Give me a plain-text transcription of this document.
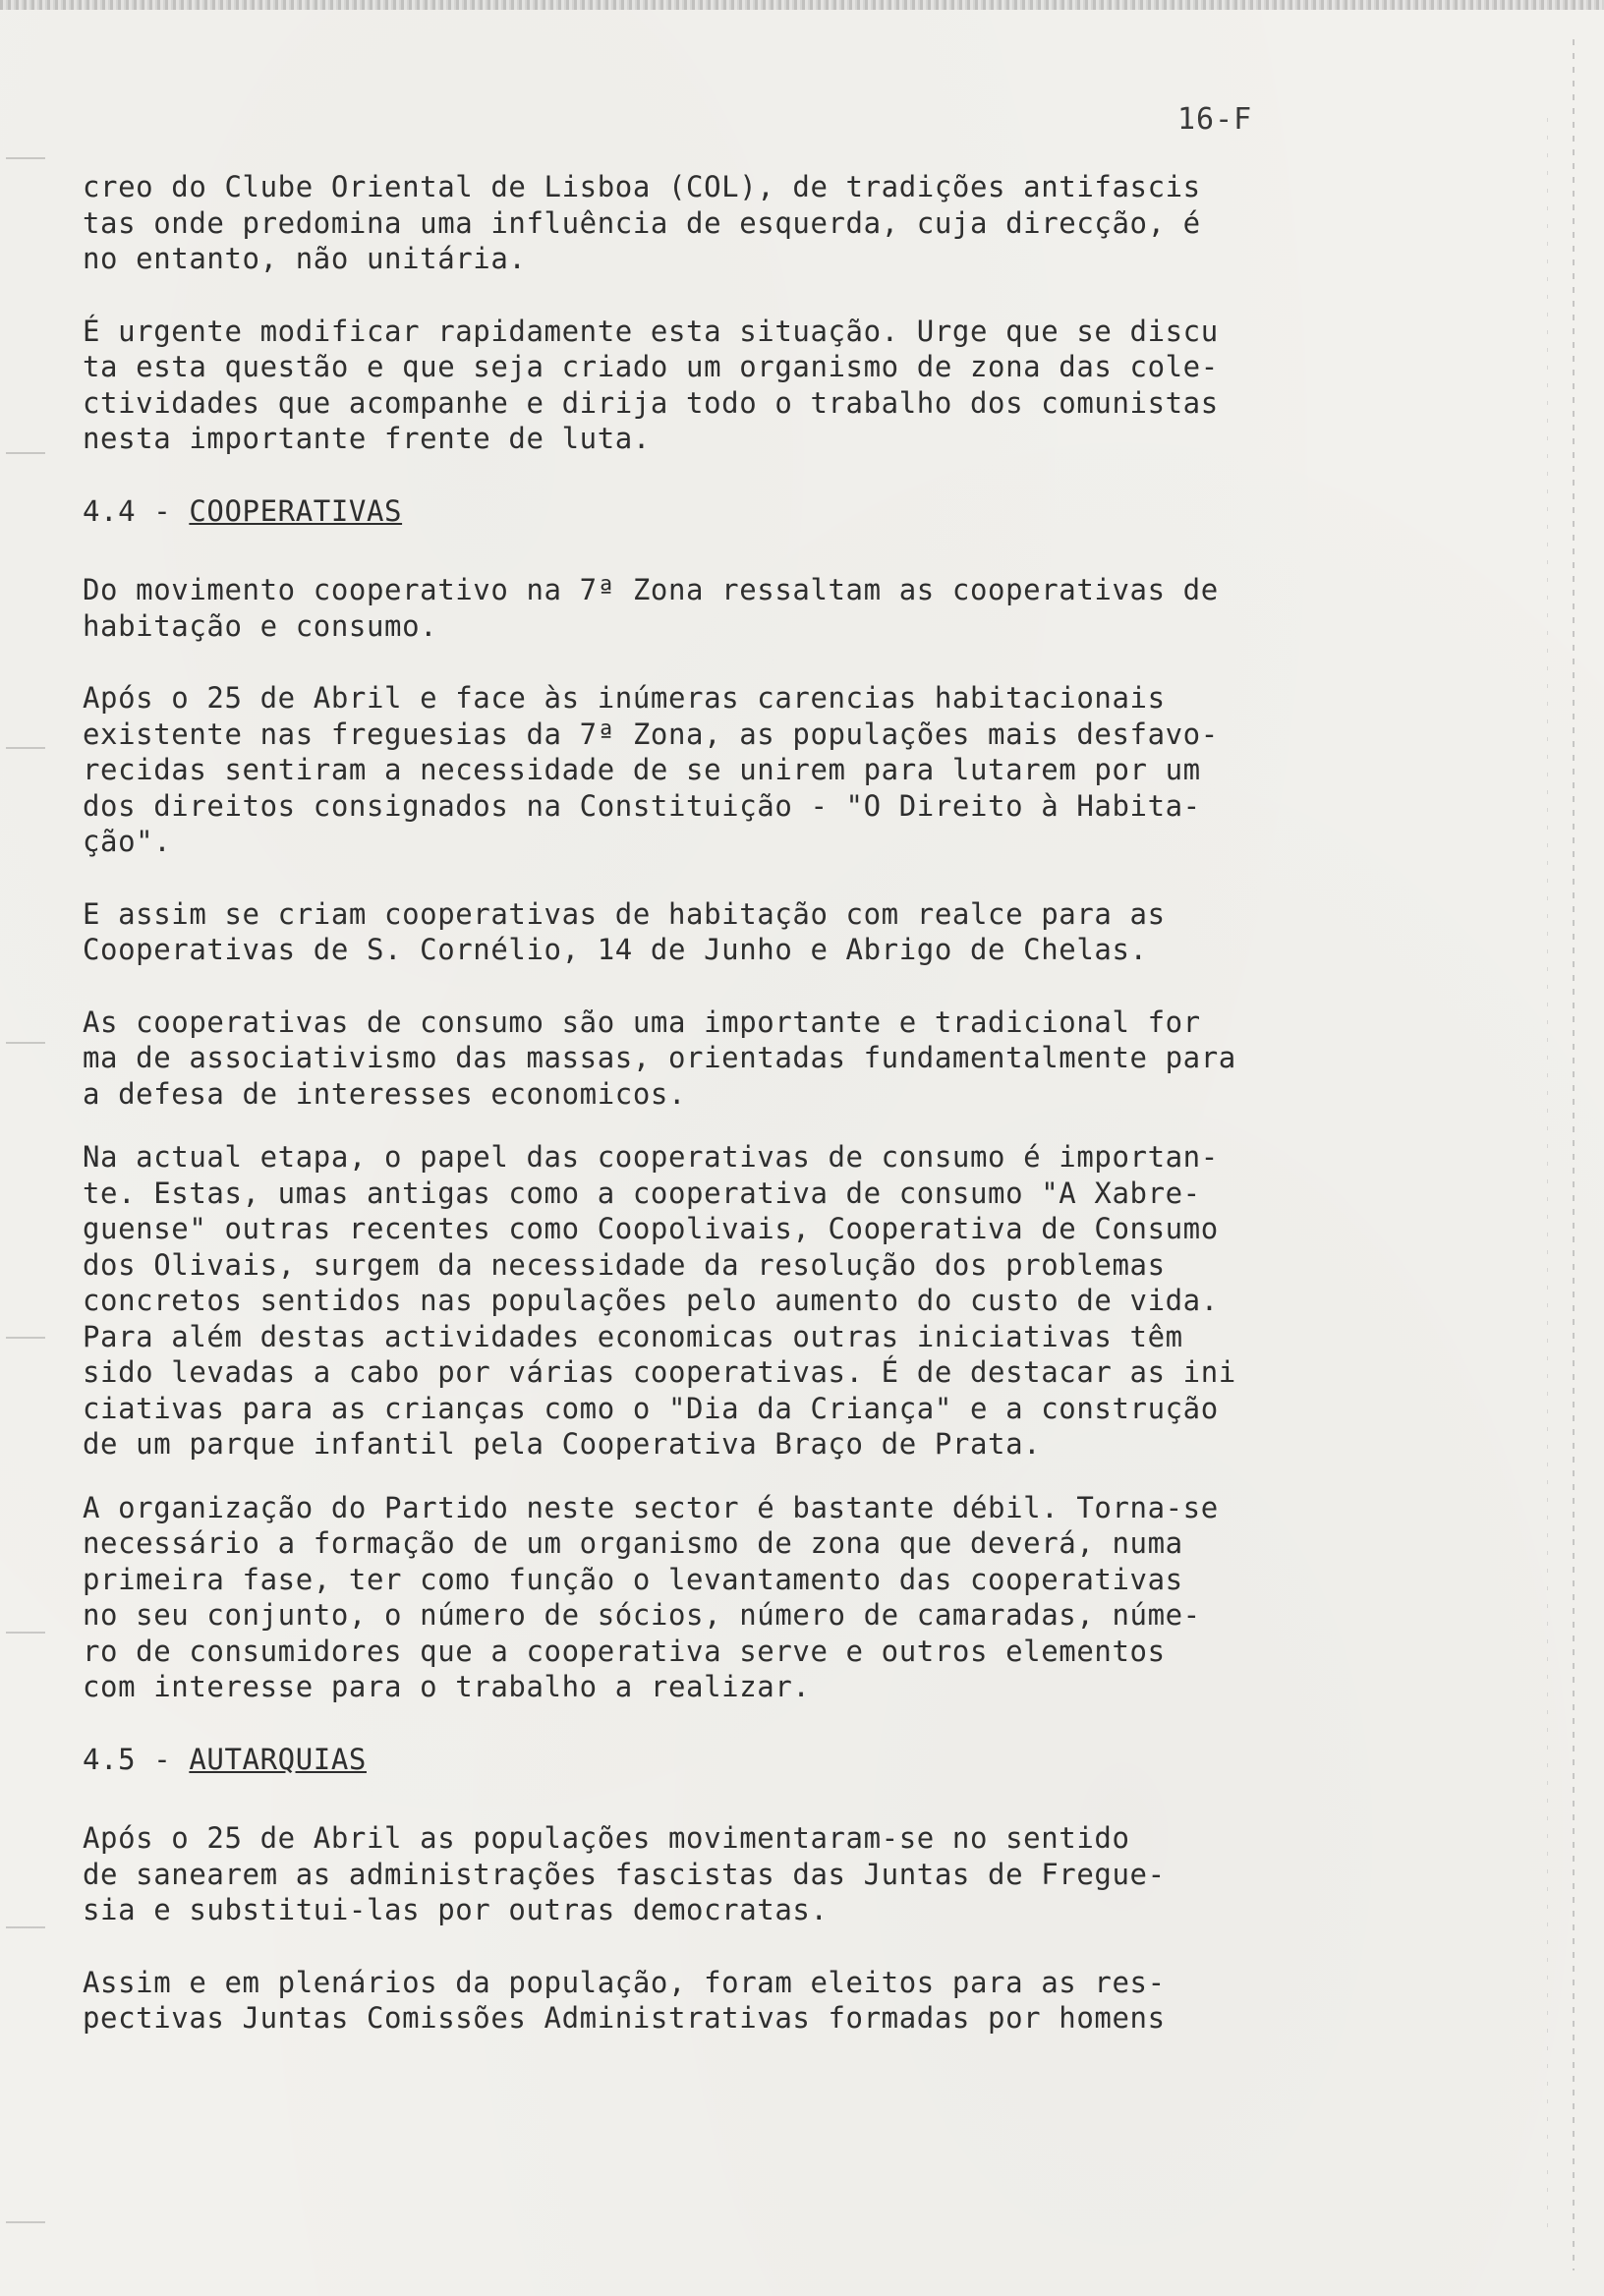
16-F
creo do Clube Oriental de Lisboa (COL), de tradições antifascis
tas onde predomina uma influência de esquerda, cuja direcção, é
no entanto, não unitária.
É urgente modificar rapidamente esta situação. Urge que se discu
ta esta questão e que seja criado um organismo de zona das cole-
ctividades que acompanhe e dirija todo o trabalho dos comunistas
nesta importante frente de luta.
4.4 - COOPERATIVAS
Do movimento cooperativo na 7ª Zona ressaltam as cooperativas de
habitação e consumo.
Após o 25 de Abril e face às inúmeras carencias habitacionais
existente nas freguesias da 7ª Zona, as populações mais desfavo-
recidas sentiram a necessidade de se unirem para lutarem por um
dos direitos consignados na Constituição - "O Direito à Habita-
ção".
E assim se criam cooperativas de habitação com realce para as
Cooperativas de S. Cornélio, 14 de Junho e Abrigo de Chelas.
As cooperativas de consumo são uma importante e tradicional for
ma de associativismo das massas, orientadas fundamentalmente para
a defesa de interesses economicos.
Na actual etapa, o papel das cooperativas de consumo é importan-
te. Estas, umas antigas como a cooperativa de consumo "A Xabre-
guense" outras recentes como Coopolivais, Cooperativa de Consumo
dos Olivais, surgem da necessidade da resolução dos problemas
concretos sentidos nas populações pelo aumento do custo de vida.
Para além destas actividades economicas outras iniciativas têm
sido levadas a cabo por várias cooperativas. É de destacar as ini
ciativas para as crianças como o "Dia da Criança" e a construção
de um parque infantil pela Cooperativa Braço de Prata.
A organização do Partido neste sector é bastante débil. Torna-se
necessário a formação de um organismo de zona que deverá, numa
primeira fase, ter como função o levantamento das cooperativas
no seu conjunto, o número de sócios, número de camaradas, núme-
ro de consumidores que a cooperativa serve e outros elementos
com interesse para o trabalho a realizar.
4.5 - AUTARQUIAS
Após o 25 de Abril as populações movimentaram-se no sentido
de sanearem as administrações fascistas das Juntas de Fregue-
sia e substitui-las por outras democratas.
Assim e em plenários da população, foram eleitos para as res-
pectivas Juntas Comissões Administrativas formadas por homens
